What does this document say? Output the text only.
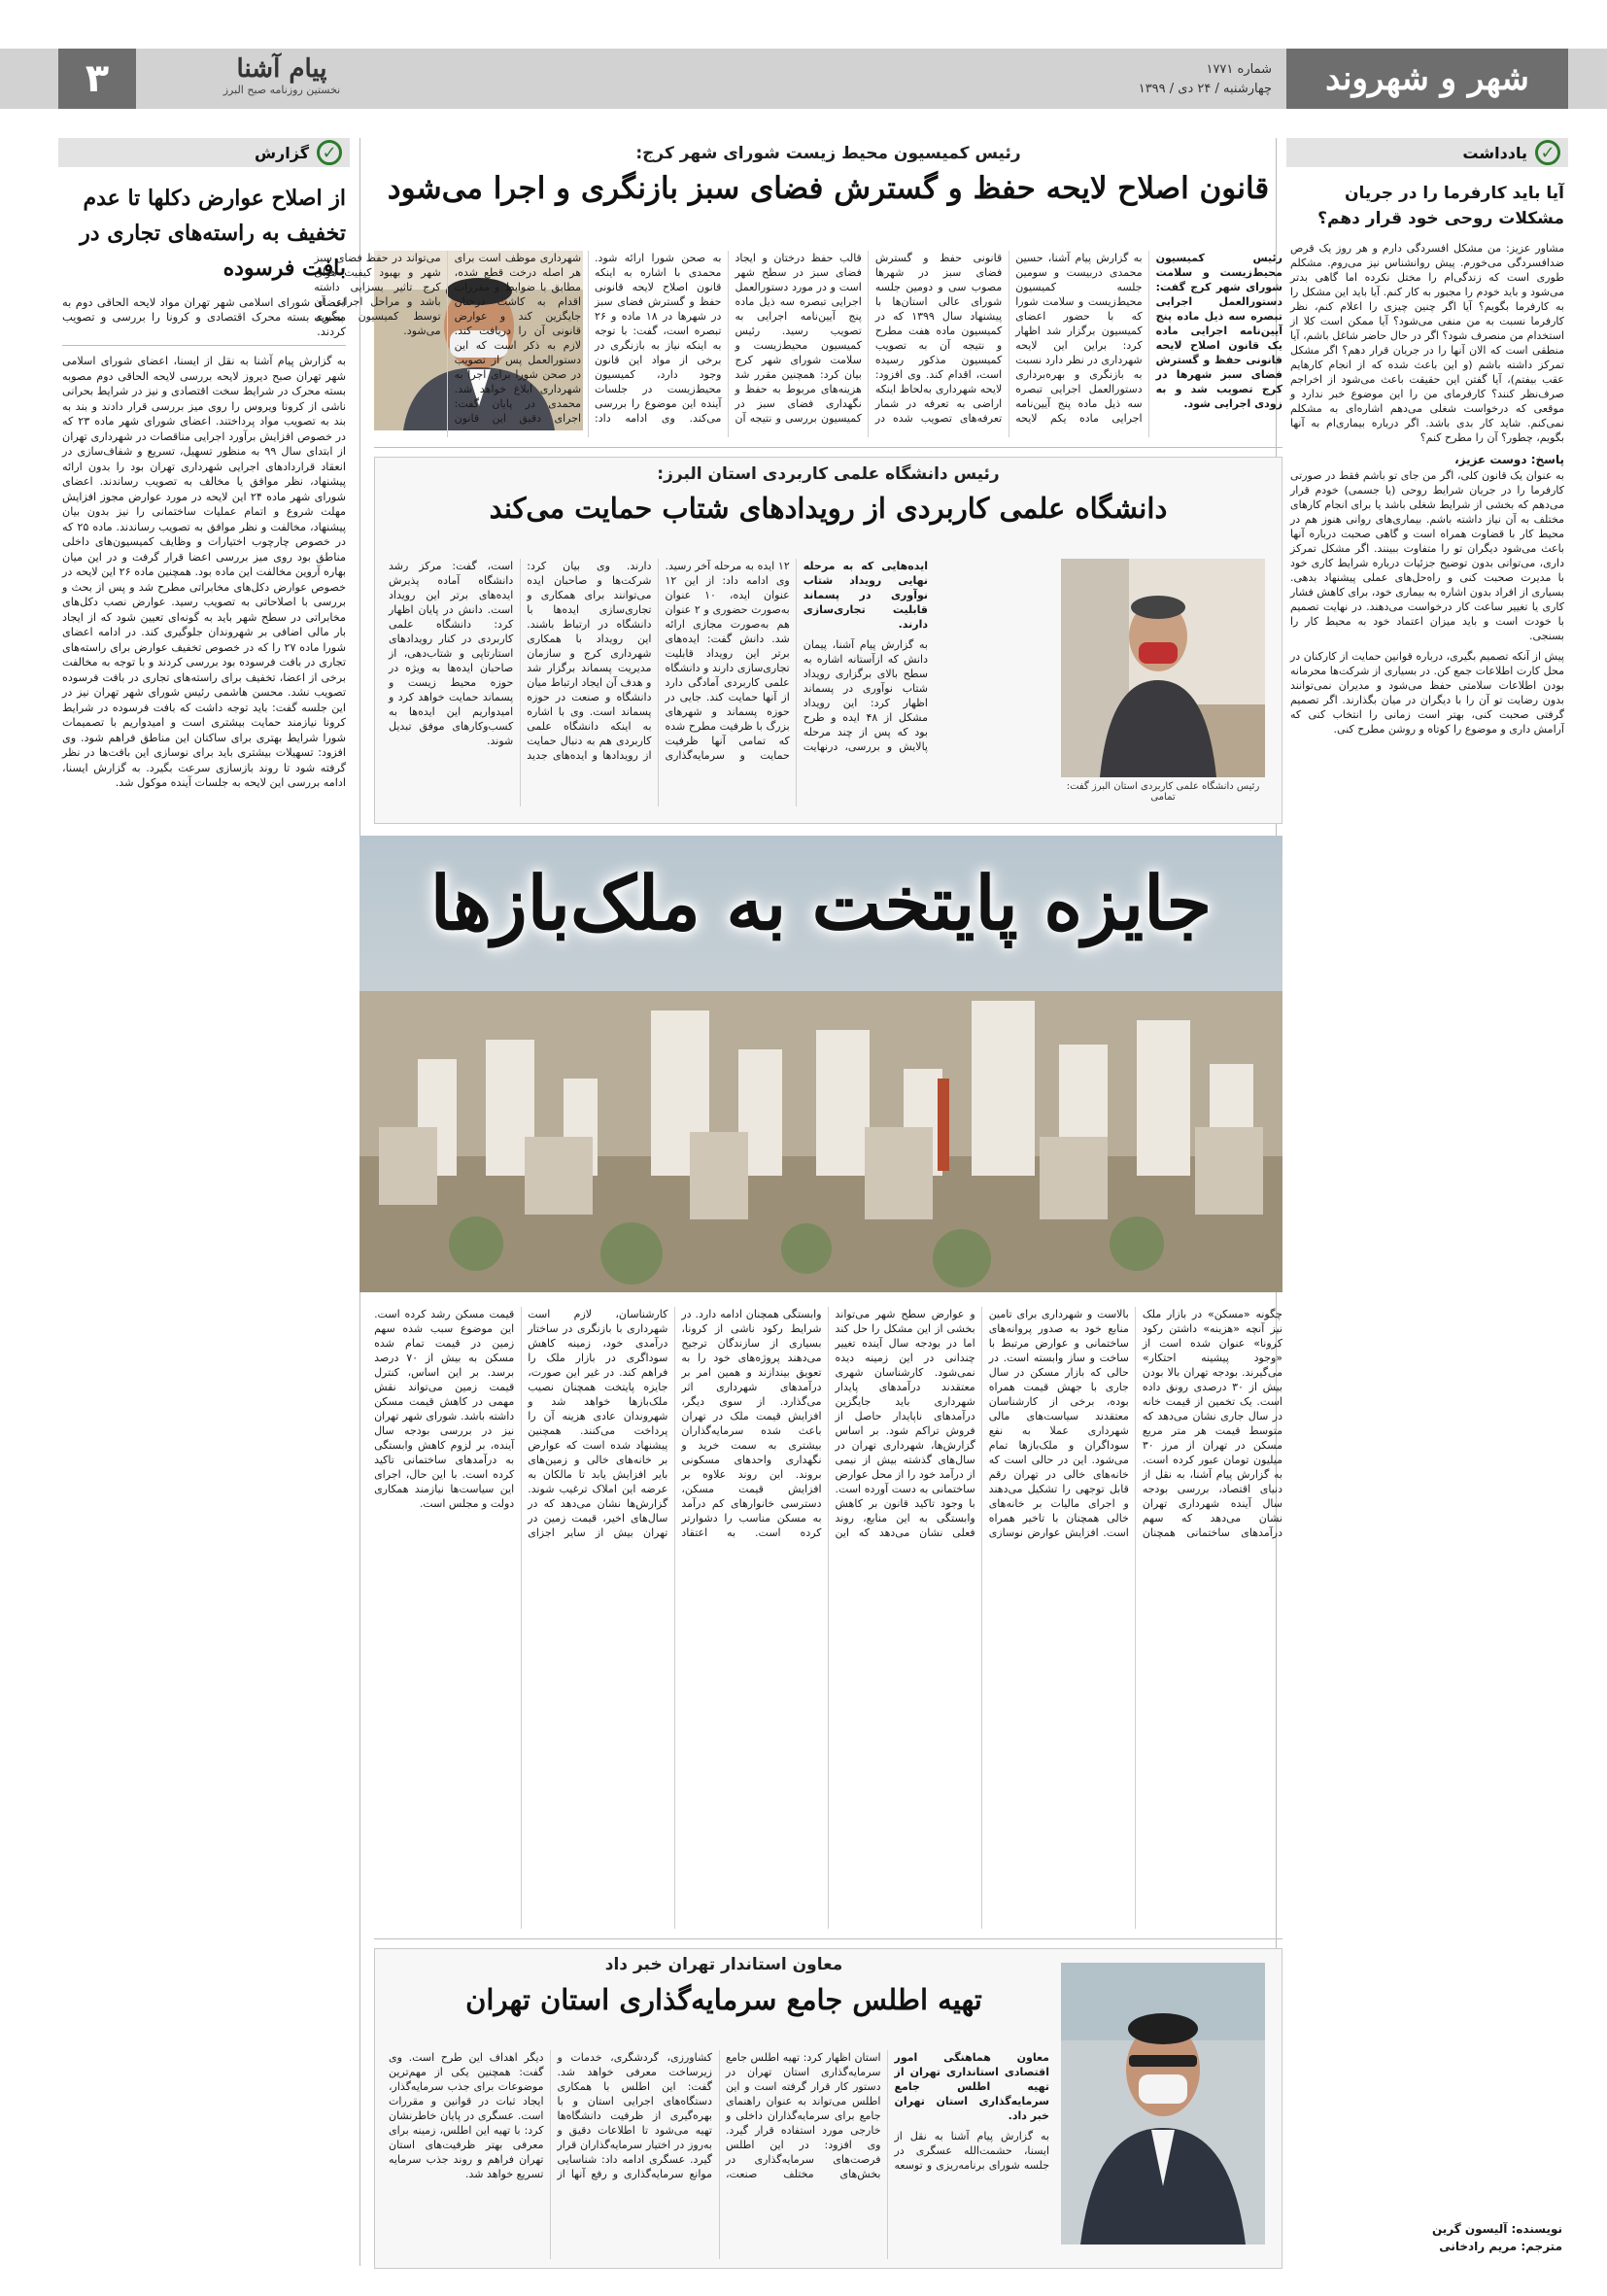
شهر و شهروند
شماره ۱۷۷۱
چهارشنبه / ۲۴ دی / ۱۳۹۹
۳	پیام آشنا
نخستین روزنامه صبح البرز
✓
یادداشت
آیا باید کارفرما را در جریان مشکلات روحی خود قرار دهم؟
مشاور عزیز: من مشکل افسردگی دارم و هر روز یک قرص ضدافسردگی می‌خورم. پیش روانشناس نیز می‌روم. مشکلم طوری است که زندگی‌ام را مختل نکرده اما گاهی بدتر می‌شود و باید خودم را مجبور به کار کنم. آیا باید این مشکل را به کارفرما بگویم؟ آیا اگر چنین چیزی را اعلام کنم، نظر کارفرما نسبت به من منفی می‌شود؟ آیا ممکن است کلا از استخدام من منصرف شود؟ اگر در حال حاضر شاغل باشم، آیا منطقی است که الان آنها را در جریان قرار دهم؟ اگر مشکل تمرکز داشته باشم (و این باعث شده که از انجام کارهایم عقب بیفتم)، آیا گفتن این حقیقت باعث می‌شود از اخراجم صرف‌نظر کنند؟ کارفرمای من را این موضوع خبر ندارد و موقعی که درخواست شغلی می‌دهم اشاره‌ای به مشکلم نمی‌کنم. شاید کار بدی باشد. اگر درباره بیماری‌ام به آنها بگویم، چطور؟ آن را مطرح کنم؟
پاسخ: دوست عزیز،
به عنوان یک قانون کلی، اگر من جای تو باشم فقط در صورتی کارفرما را در جریان شرایط روحی (یا جسمی) خودم قرار می‌دهم که بخشی از شرایط شغلی باشد یا برای انجام کارهای مختلف به آن نیاز داشته باشم. بیماری‌های روانی هنوز هم در محیط کار با قضاوت همراه است و گاهی صحبت درباره آنها باعث می‌شود دیگران تو را متفاوت ببینند. اگر مشکل تمرکز داری، می‌توانی بدون توضیح جزئیات درباره شرایط کاری خود با مدیرت صحبت کنی و راه‌حل‌های عملی پیشنهاد بدهی. بسیاری از افراد بدون اشاره به بیماری خود، برای کاهش فشار کاری یا تغییر ساعت کار درخواست می‌دهند. در نهایت تصمیم با خودت است و باید میزان اعتماد خود به محیط کار را بسنجی.
پیش از آنکه تصمیم بگیری، درباره قوانین حمایت از کارکنان در محل کارت اطلاعات جمع کن. در بسیاری از شرکت‌ها محرمانه بودن اطلاعات سلامتی حفظ می‌شود و مدیران نمی‌توانند بدون رضایت تو آن را با دیگران در میان بگذارند. اگر تصمیم گرفتی صحبت کنی، بهتر است زمانی را انتخاب کنی که آرامش داری و موضوع را کوتاه و روشن مطرح کنی.
نویسنده: آلیسون گرین
مترجم: مریم رادخانی
✓
گزارش
از اصلاح عوارض دکلها تا عدم تخفیف به راسته‌های تجاری در بافت فرسوده
اعضای شورای اسلامی شهر تهران مواد لایحه الحاقی دوم به مصوبه بسته محرک اقتصادی و کرونا را بررسی و تصویب کردند.
به گزارش پیام آشنا به نقل از ایسنا، اعضای شورای اسلامی شهر تهران صبح دیروز لایحه بررسی لایحه الحاقی دوم مصوبه بسته محرک در شرایط سخت اقتصادی و نیز در شرایط بحرانی ناشی از کرونا ویروس را روی میز بررسی قرار دادند و بند به بند به تصویب مواد پرداختند. اعضای شورای شهر ماده ۲۳ که در خصوص افزایش برآورد اجرایی مناقصات در شهرداری تهران از ابتدای سال ۹۹ به منظور تسهیل، تسریع و شفاف‌سازی در انعقاد قراردادهای اجرایی شهرداری تهران بود را بدون ارائه پیشنهاد، نظر موافق یا مخالف به تصویب رساندند. اعضای شورای شهر ماده ۲۴ این لایحه در مورد عوارض مجوز افزایش مهلت شروع و اتمام عملیات ساختمانی را نیز بدون بیان پیشنهاد، مخالفت و نظر موافق به تصویب رساندند. ماده ۲۵ که در خصوص چارچوب اختیارات و وظایف کمیسیون‌های داخلی مناطق بود روی میز بررسی اعضا قرار گرفت و در این میان بهاره آروین مخالفت این ماده بود. همچنین ماده ۲۶ این لایحه در خصوص عوارض دکل‌های مخابراتی مطرح شد و پس از بحث و بررسی با اصلاحاتی به تصویب رسید. عوارض نصب دکل‌های مخابراتی در سطح شهر باید به گونه‌ای تعیین شود که از ایجاد بار مالی اضافی بر شهروندان جلوگیری کند. در ادامه اعضای شورا ماده ۲۷ را که در خصوص تخفیف عوارض برای راسته‌های تجاری در بافت فرسوده بود بررسی کردند و با توجه به مخالفت برخی از اعضا، تخفیف برای راسته‌های تجاری در بافت فرسوده تصویب نشد. محسن هاشمی رئیس شورای شهر تهران نیز در این جلسه گفت: باید توجه داشت که بافت فرسوده در شرایط کرونا نیازمند حمایت بیشتری است و امیدواریم با تصمیمات شورا شرایط بهتری برای ساکنان این مناطق فراهم شود. وی افزود: تسهیلات بیشتری باید برای نوسازی این بافت‌ها در نظر گرفته شود تا روند بازسازی سرعت بگیرد. به گزارش ایسنا، ادامه بررسی این لایحه به جلسات آینده موکول شد.
رئیس کمیسیون محیط زیست شورای شهر کرج:
قانون اصلاح لایحه حفظ و گسترش فضای سبز بازنگری و اجرا می‌شود

رئیس کمیسیون محیط‌زیست و سلامت شورای شهر کرج گفت: دستورالعمل اجرایی تبصره سه ذیل ماده پنج آیین‌نامه اجرایی ماده یک قانون اصلاح لایحه قانونی حفظ و گسترش فضای سبز شهرها در کرج تصویب شد و به زودی اجرایی شود.

به گزارش پیام آشنا، حسین محمدی دربیست و سومین جلسه کمیسیون محیط‌زیست و سلامت شورا که با حضور اعضای کمیسیون برگزار شد اظهار کرد: براین این لایحه شهرداری در نظر دارد نسبت به بازنگری و بهره‌برداری دستورالعمل اجرایی تبصره سه ذیل ماده پنج آیین‌نامه اجرایی ماده یکم لایحه قانونی حفظ و گسترش فضای سبز در شهرها مصوب سی و دومین جلسه شورای عالی استان‌ها با پیشنهاد سال ۱۳۹۹ که در کمیسیون ماده هفت مطرح و نتیجه آن به تصویب کمیسیون مذکور رسیده است، اقدام کند. وی افزود: لایحه شهرداری به‌لحاظ اینکه اراضی به تعرفه در شمار تعرفه‌های تصویب شده در قالب حفظ درختان و ایجاد فضای سبز در سطح شهر است و در مورد دستورالعمل اجرایی تبصره سه ذیل ماده پنج آیین‌نامه اجرایی به تصویب رسید. رئیس کمیسیون محیط‌زیست و سلامت شورای شهر کرج بیان کرد: همچنین مقرر شد هزینه‌های مربوط به حفظ و نگهداری فضای سبز در کمیسیون بررسی و نتیجه آن به صحن شورا ارائه شود. محمدی با اشاره به اینکه قانون اصلاح لایحه قانونی حفظ و گسترش فضای سبز در شهرها در ۱۸ ماده و ۲۶ تبصره است، گفت: با توجه به اینکه نیاز به بازنگری در برخی از مواد این قانون وجود دارد، کمیسیون محیط‌زیست در جلسات آینده این موضوع را بررسی می‌کند. وی ادامه داد: شهرداری موظف است برای هر اصله درخت قطع شده، مطابق با ضوابط و مقررات اقدام به کاشت درختان جایگزین کند و عوارض قانونی آن را دریافت کند. لازم به ذکر است که این دستورالعمل پس از تصویب در صحن شورا برای اجرا به شهرداری ابلاغ خواهد شد. محمدی در پایان گفت: اجرای دقیق این قانون می‌تواند در حفظ فضای سبز شهر و بهبود کیفیت هوای کرج تاثیر بسزایی داشته باشد و مراحل اجرایی آن توسط کمیسیون پیگیری می‌شود.

رئیس دانشگاه علمی کاربردی استان البرز:
دانشگاه علمی کاربردی از رویدادهای شتاب حمایت می‌کند
رئیس دانشگاه علمی کاربردی استان البرز گفت: تمامی

ایده‌هایی که به مرحله نهایی رویداد شتاب نوآوری در پسماند قابلیت تجاری‌سازی دارند.

به گزارش پیام آشنا، پیمان دانش که ازآستانه اشاره به سطح بالای برگزاری رویداد شتاب نوآوری در پسماند اظهار کرد: این رویداد مشکل از ۴۸ ایده و طرح بود که پس از چند مرحله پالایش و بررسی، درنهایت ۱۲ ایده به مرحله آخر رسید. وی ادامه داد: از این ۱۲ عنوان ایده، ۱۰ عنوان به‌صورت حضوری و ۲ عنوان هم به‌صورت مجازی ارائه شد. دانش گفت: ایده‌های برتر این رویداد قابلیت تجاری‌سازی دارند و دانشگاه علمی کاربردی آمادگی دارد از آنها حمایت کند. جایی در حوزه پسماند و شهرهای بزرگ با ظرفیت مطرح شده که تمامی آنها ظرفیت حمایت و سرمایه‌گذاری دارند. وی بیان کرد: شرکت‌ها و صاحبان ایده می‌توانند برای همکاری و تجاری‌سازی ایده‌ها با دانشگاه در ارتباط باشند. این رویداد با همکاری شهرداری کرج و سازمان مدیریت پسماند برگزار شد و هدف آن ایجاد ارتباط میان دانشگاه و صنعت در حوزه پسماند است. وی با اشاره به اینکه دانشگاه علمی کاربردی هم به دنبال حمایت از رویدادها و ایده‌های جدید است، گفت: مرکز رشد دانشگاه آماده پذیرش ایده‌های برتر این رویداد است. دانش در پایان اظهار کرد: دانشگاه علمی کاربردی در کنار رویدادهای استارتاپی و شتاب‌دهی، از صاحبان ایده‌ها به ویژه در حوزه محیط زیست و پسماند حمایت خواهد کرد و امیدواریم این ایده‌ها به کسب‌وکارهای موفق تبدیل شوند.

جایزه پایتخت به ملک‌بازها

چگونه «مسکن» در بازار ملک نیز آنچه «هزینه» داشتن رکود کرونا» عنوان شده است از «وجود پیشینه احتکار» می‌گیرند. بودجه تهران بالا بودن بیش از ۳۰ درصدی رونق داده است. یک تخمین از قیمت خانه در سال جاری نشان می‌دهد که متوسط قیمت هر متر مربع مسکن در تهران از مرز ۳۰ میلیون تومان عبور کرده است. به گزارش پیام آشنا، به نقل از دنیای اقتصاد، بررسی بودجه سال آینده شهرداری تهران نشان می‌دهد که سهم درآمدهای ساختمانی همچنان بالاست و شهرداری برای تامین منابع خود به صدور پروانه‌های ساختمانی و عوارض مرتبط با ساخت و ساز وابسته است. در حالی که بازار مسکن در سال جاری با جهش قیمت همراه بوده، برخی از کارشناسان معتقدند سیاست‌های مالی شهرداری عملا به نفع سوداگران و ملک‌بازها تمام می‌شود. این در حالی است که خانه‌های خالی در تهران رقم قابل توجهی را تشکیل می‌دهند و اجرای مالیات بر خانه‌های خالی همچنان با تاخیر همراه است. افزایش عوارض نوسازی و عوارض سطح شهر می‌تواند بخشی از این مشکل را حل کند اما در بودجه سال آینده تغییر چندانی در این زمینه دیده نمی‌شود. کارشناسان شهری معتقدند درآمدهای پایدار شهرداری باید جایگزین درآمدهای ناپایدار حاصل از فروش تراکم شود. بر اساس گزارش‌ها، شهرداری تهران در سال‌های گذشته بیش از نیمی از درآمد خود را از محل عوارض ساختمانی به دست آورده است. با وجود تاکید قانون بر کاهش وابستگی به این منابع، روند فعلی نشان می‌دهد که این وابستگی همچنان ادامه دارد. در شرایط رکود ناشی از کرونا، بسیاری از سازندگان ترجیح می‌دهند پروژه‌های خود را به تعویق بیندازند و همین امر بر درآمدهای شهرداری اثر می‌گذارد. از سوی دیگر، افزایش قیمت ملک در تهران باعث شده سرمایه‌گذاران بیشتری به سمت خرید و نگهداری واحدهای مسکونی بروند. این روند علاوه بر افزایش قیمت مسکن، دسترسی خانوارهای کم درآمد به مسکن مناسب را دشوارتر کرده است. به اعتقاد کارشناسان، لازم است شهرداری با بازنگری در ساختار درآمدی خود، زمینه کاهش سوداگری در بازار ملک را فراهم کند. در غیر این صورت، جایزه پایتخت همچنان نصیب ملک‌بازها خواهد شد و شهروندان عادی هزینه آن را پرداخت می‌کنند. همچنین پیشنهاد شده است که عوارض بر خانه‌های خالی و زمین‌های بایر افزایش یابد تا مالکان به عرضه این املاک ترغیب شوند. گزارش‌ها نشان می‌دهد که در سال‌های اخیر، قیمت زمین در تهران بیش از سایر اجزای قیمت مسکن رشد کرده است. این موضوع سبب شده سهم زمین در قیمت تمام شده مسکن به بیش از ۷۰ درصد برسد. بر این اساس، کنترل قیمت زمین می‌تواند نقش مهمی در کاهش قیمت مسکن داشته باشد. شورای شهر تهران نیز در بررسی بودجه سال آینده، بر لزوم کاهش وابستگی به درآمدهای ساختمانی تاکید کرده است. با این حال، اجرای این سیاست‌ها نیازمند همکاری دولت و مجلس است.

معاون استاندار تهران خبر داد
تهیه اطلس جامع سرمایه‌گذاری استان تهران

معاون هماهنگی امور اقتصادی استانداری تهران از تهیه اطلس جامع سرمایه‌گذاری استان تهران خبر داد.

به گزارش پیام آشنا به نقل از ایسنا، حشمت‌الله عسگری در جلسه شورای برنامه‌ریزی و توسعه استان اظهار کرد: تهیه اطلس جامع سرمایه‌گذاری استان تهران در دستور کار قرار گرفته است و این اطلس می‌تواند به عنوان راهنمای جامع برای سرمایه‌گذاران داخلی و خارجی مورد استفاده قرار گیرد. وی افزود: در این اطلس فرصت‌های سرمایه‌گذاری در بخش‌های مختلف صنعت، کشاورزی، گردشگری، خدمات و زیرساخت معرفی خواهد شد. گفت: این اطلس با همکاری دستگاه‌های اجرایی استان و با بهره‌گیری از ظرفیت دانشگاه‌ها تهیه می‌شود تا اطلاعات دقیق و به‌روز در اختیار سرمایه‌گذاران قرار گیرد. عسگری ادامه داد: شناسایی موانع سرمایه‌گذاری و رفع آنها از دیگر اهداف این طرح است. وی گفت: همچنین یکی از مهم‌ترین موضوعات برای جذب سرمایه‌گذار، ایجاد ثبات در قوانین و مقررات است. عسگری در پایان خاطرنشان کرد: با تهیه این اطلس، زمینه برای معرفی بهتر ظرفیت‌های استان تهران فراهم و روند جذب سرمایه تسریع خواهد شد.
